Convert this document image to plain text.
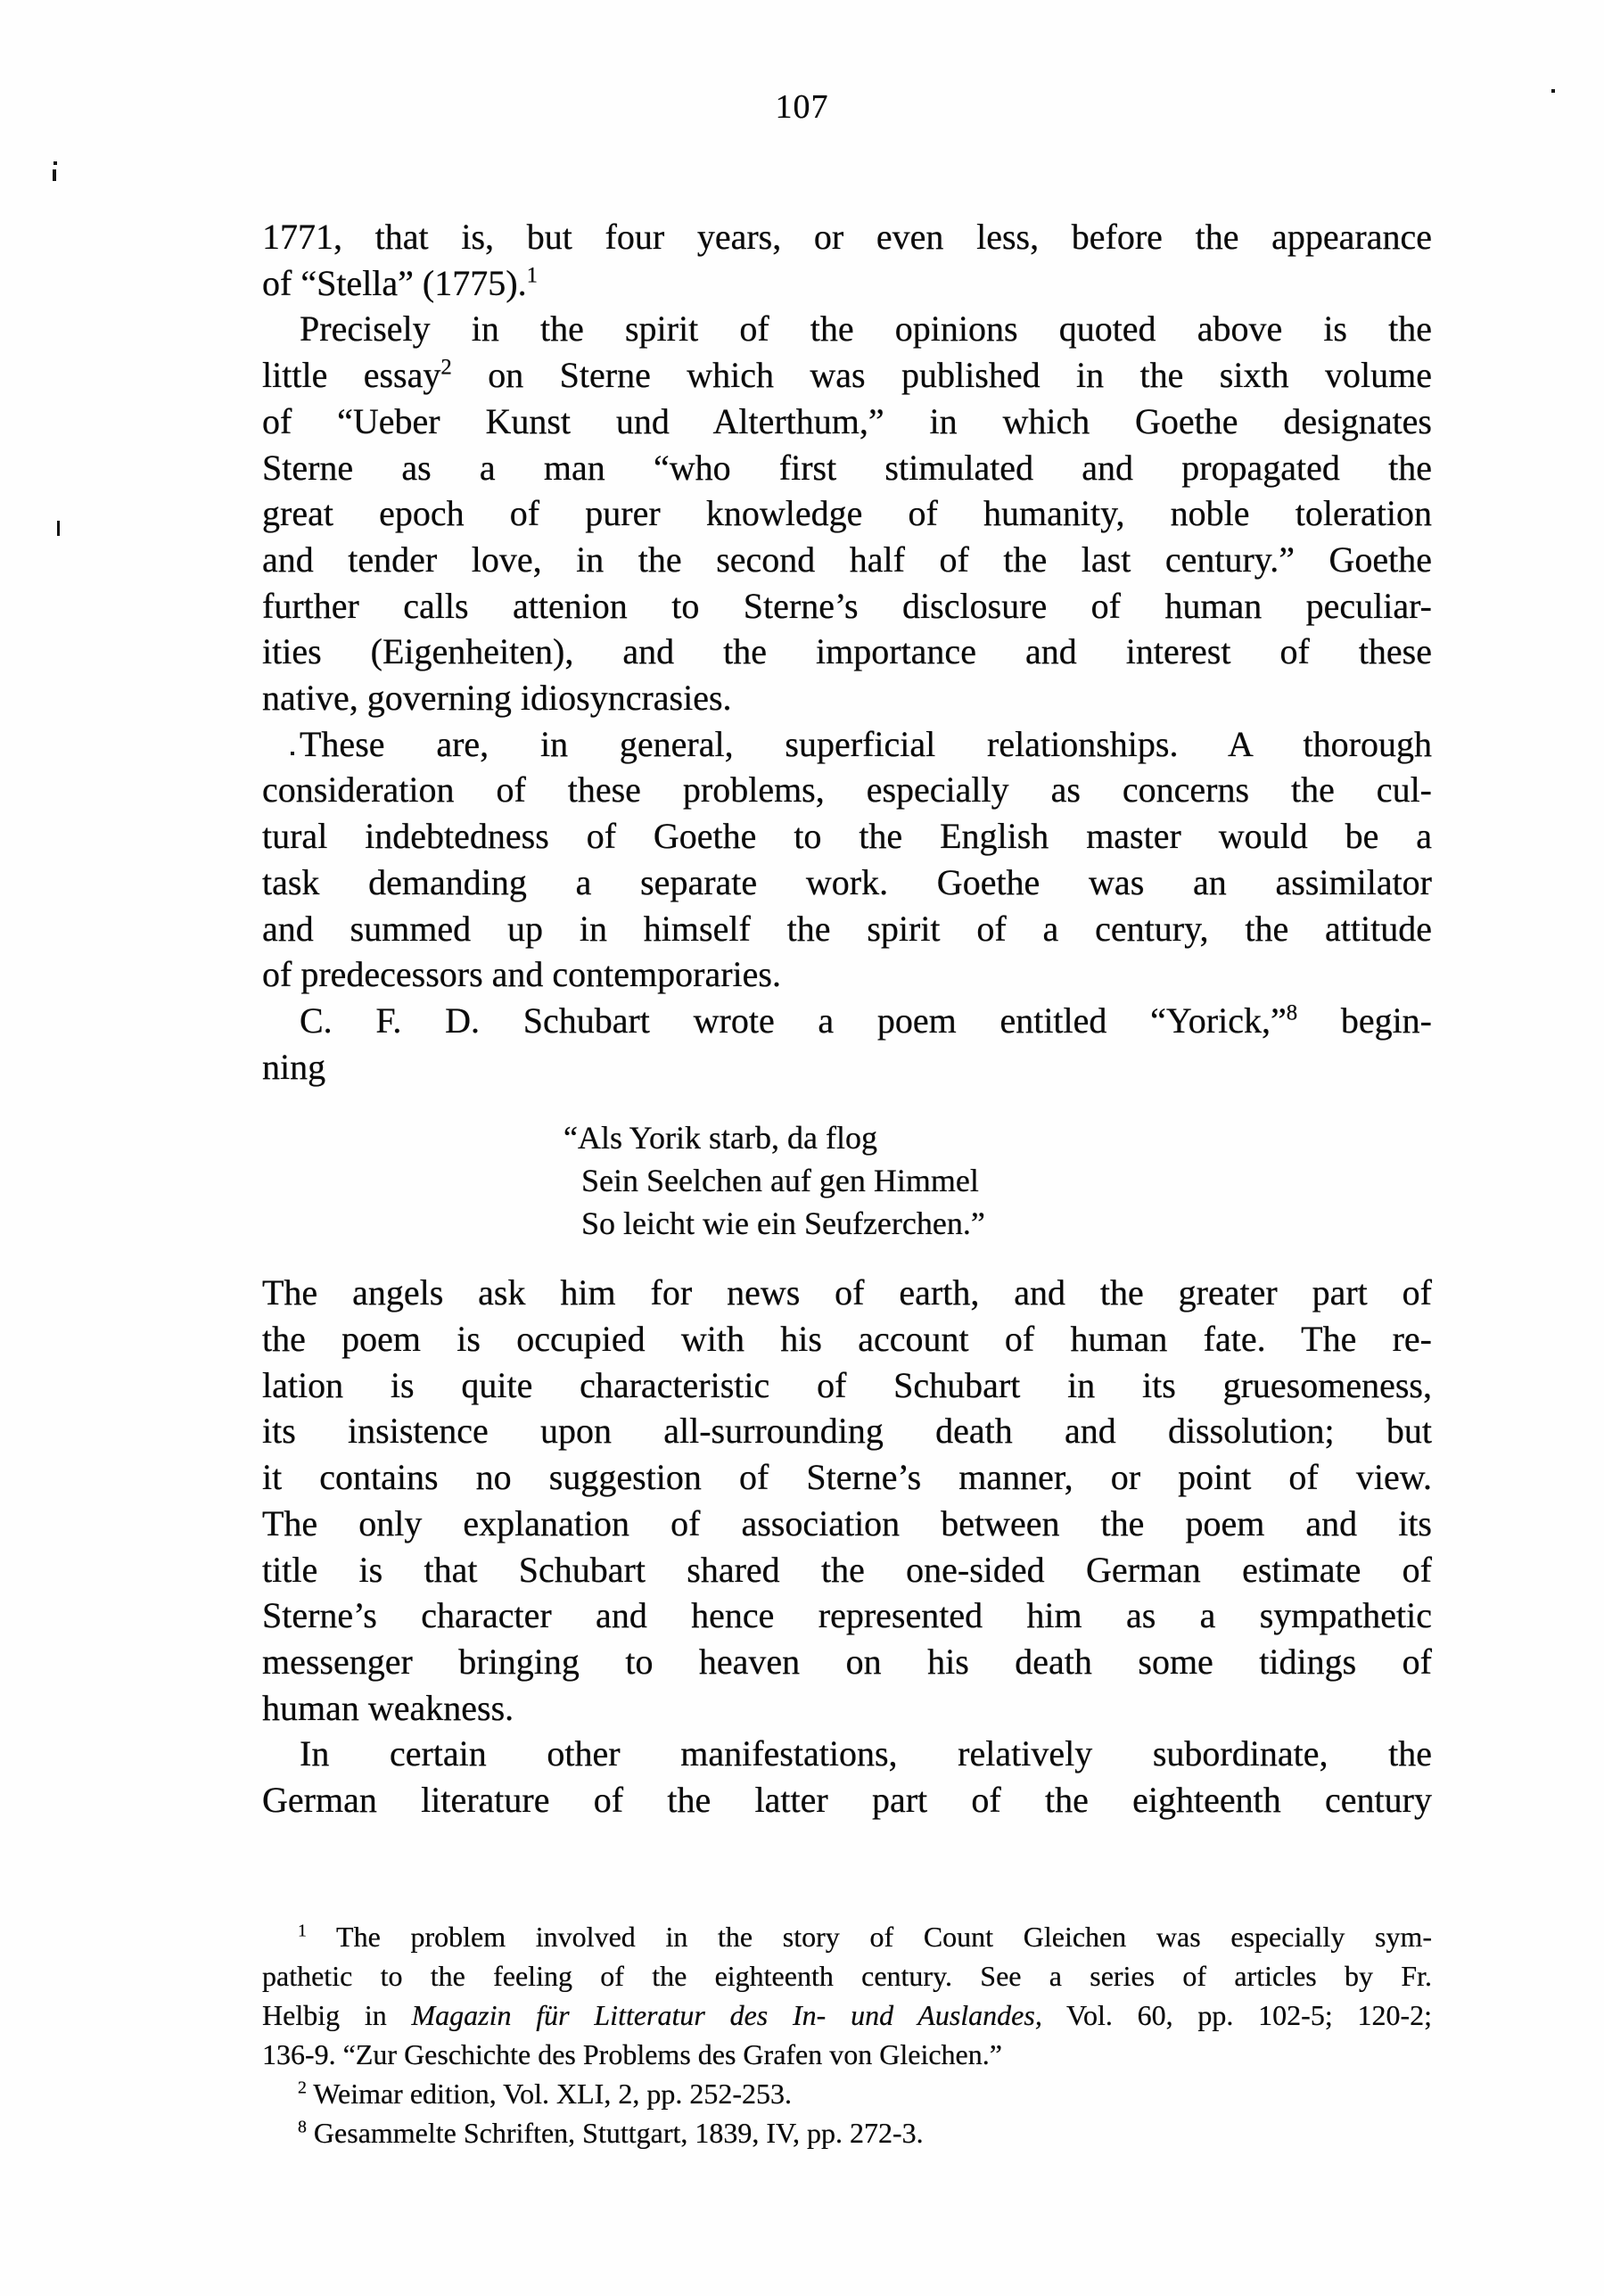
107
1771, that is, but four years, or even less, before the appearance
of “Stella” (1775).$^1$
Precisely in the spirit of the opinions quoted above is the
little essay$^2$ on Sterne which was published in the sixth volume
of “Ueber Kunst und Alterthum,” in which Goethe designates
Sterne as a man “who first stimulated and propagated the
great epoch of purer knowledge of humanity, noble toleration
and tender love, in the second half of the last century.” Goethe
further calls attenion to Sterne’s disclosure of human peculiar-
ities (Eigenheiten), and the importance and interest of these
native, governing idiosyncrasies.
These are, in general, superficial relationships. A thorough
consideration of these problems, especially as concerns the cul-
tural indebtedness of Goethe to the English master would be a
task demanding a separate work. Goethe was an assimilator
and summed up in himself the spirit of a century, the attitude
of predecessors and contemporaries.
C. F. D. Schubart wrote a poem entitled “Yorick,”$^8$ begin-
ning
“Als Yorik starb, da flog
Sein Seelchen auf gen Himmel
So leicht wie ein Seufzerchen.”
The angels ask him for news of earth, and the greater part of
the poem is occupied with his account of human fate. The re-
lation is quite characteristic of Schubart in its gruesomeness,
its insistence upon all-surrounding death and dissolution; but
it contains no suggestion of Sterne’s manner, or point of view.
The only explanation of association between the poem and its
title is that Schubart shared the one-sided German estimate of
Sterne’s character and hence represented him as a sympathetic
messenger bringing to heaven on his death some tidings of
human weakness.
In certain other manifestations, relatively subordinate, the
German literature of the latter part of the eighteenth century
$^1$ The problem involved in the story of Count Gleichen was especially sym-
pathetic to the feeling of the eighteenth century. See a series of articles by Fr.
Helbig in Magazin für Litteratur des In- und Auslandes, Vol. 60, pp. 102-5; 120-2;
136-9. “Zur Geschichte des Problems des Grafen von Gleichen.”
$^2$ Weimar edition, Vol. XLI, 2, pp. 252-253.
$^8$ Gesammelte Schriften, Stuttgart, 1839, IV, pp. 272-3.
